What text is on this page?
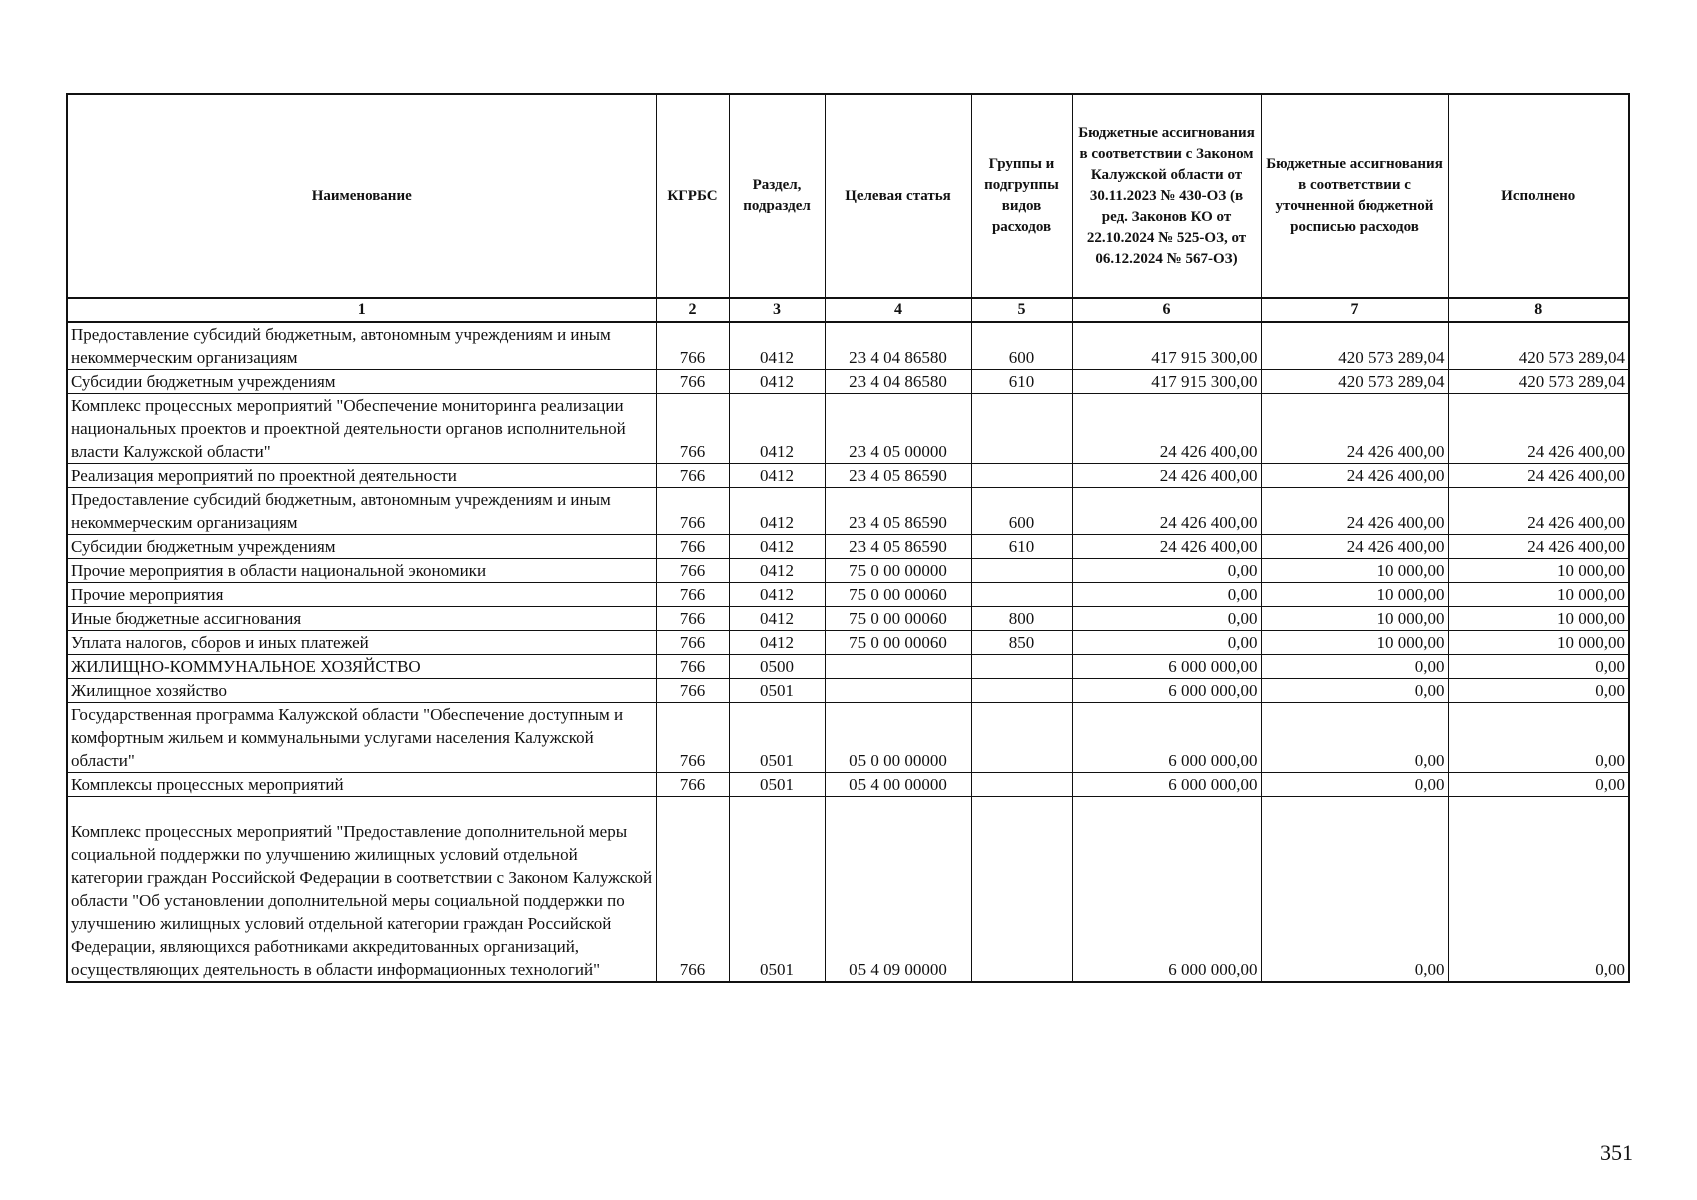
Наименование	КГРБС	Раздел, подраздел	Целевая статья	Группы и подгруппы видов расходов	Бюджетные ассигнования в соответствии с Законом Калужской области от 30.11.2023 № 430-ОЗ (в ред. Законов КО от 22.10.2024 № 525-ОЗ, от 06.12.2024 № 567-ОЗ)	Бюджетные ассигнования в соответствии с уточненной бюджетной росписью расходов	Исполнено
1	2	3	4	5	6	7	8
Предоставление субсидий бюджетным, автономным учреждениям и иным некоммерческим организациям	766	0412	23 4 04 86580	600	417 915 300,00	420 573 289,04	420 573 289,04
Субсидии бюджетным учреждениям	766	0412	23 4 04 86580	610	417 915 300,00	420 573 289,04	420 573 289,04
Комплекс процессных мероприятий "Обеспечение мониторинга реализации национальных проектов и проектной деятельности органов исполнительной власти Калужской области"	766	0412	23 4 05 00000		24 426 400,00	24 426 400,00	24 426 400,00
Реализация мероприятий по проектной деятельности	766	0412	23 4 05 86590		24 426 400,00	24 426 400,00	24 426 400,00
Предоставление субсидий бюджетным, автономным учреждениям и иным некоммерческим организациям	766	0412	23 4 05 86590	600	24 426 400,00	24 426 400,00	24 426 400,00
Субсидии бюджетным учреждениям	766	0412	23 4 05 86590	610	24 426 400,00	24 426 400,00	24 426 400,00
Прочие мероприятия в области национальной экономики	766	0412	75 0 00 00000		0,00	10 000,00	10 000,00
Прочие мероприятия	766	0412	75 0 00 00060		0,00	10 000,00	10 000,00
Иные бюджетные ассигнования	766	0412	75 0 00 00060	800	0,00	10 000,00	10 000,00
Уплата налогов, сборов и иных платежей	766	0412	75 0 00 00060	850	0,00	10 000,00	10 000,00
ЖИЛИЩНО-КОММУНАЛЬНОЕ ХОЗЯЙСТВО	766	0500			6 000 000,00	0,00	0,00
Жилищное хозяйство	766	0501			6 000 000,00	0,00	0,00
Государственная программа Калужской области "Обеспечение доступным и комфортным жильем и коммунальными услугами населения Калужской области"	766	0501	05 0 00 00000		6 000 000,00	0,00	0,00
Комплексы процессных мероприятий	766	0501	05 4 00 00000		6 000 000,00	0,00	0,00
Комплекс процессных мероприятий "Предоставление дополнительной меры социальной поддержки по улучшению жилищных условий отдельной категории граждан Российской Федерации в соответствии с Законом Калужской области "Об установлении дополнительной меры социальной поддержки по улучшению жилищных условий отдельной категории граждан Российской Федерации, являющихся работниками аккредитованных организаций, осуществляющих деятельность в области информационных технологий"	766	0501	05 4 09 00000		6 000 000,00	0,00	0,00
351
